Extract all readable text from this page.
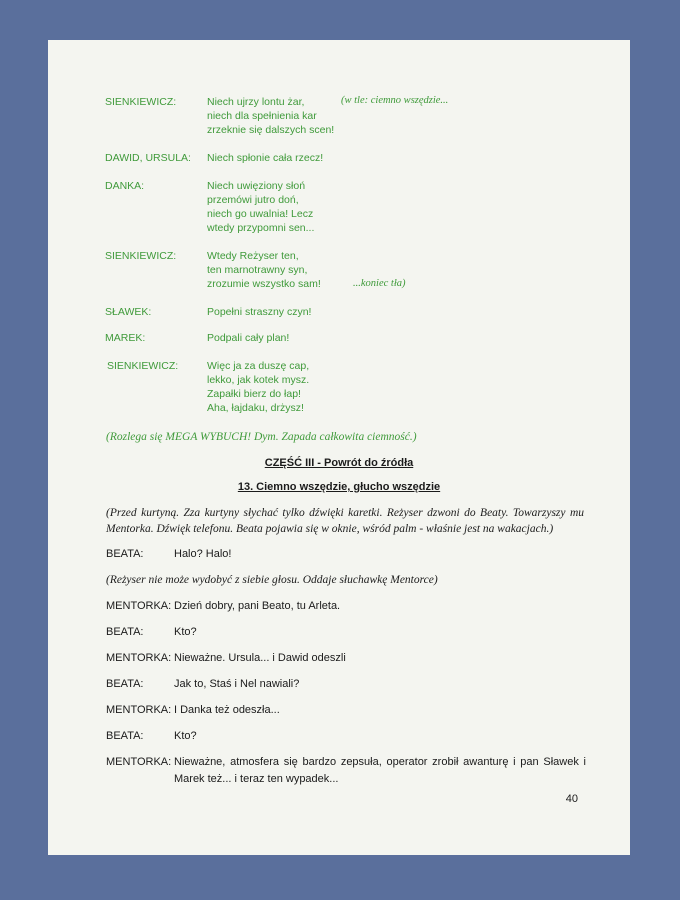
SIENKIEWICZ:	Niech ujrzy lontu żar,
niech dla spełnienia kar
zrzeknie się dalszych scen!
(w tle: ciemno wszędzie...
DAWID, URSULA: Niech spłonie cała rzecz!
DANKA:	Niech uwięziony słoń
przemówi jutro doń,
niech go uwalnia! Lecz
wtedy przypomni sen...
SIENKIEWICZ:	Wtedy Reżyser ten,
ten marnotrawny syn,
zrozumie wszystko sam!	...koniec tła)
SŁAWEK:	Popełni straszny czyn!
MAREK:	Podpali cały plan!
SIENKIEWICZ:	Więc ja za duszę cap,
lekko, jak kotek mysz.
Zapałki bierz do łap!
Aha, łajdaku, drżysz!
(Rozlega się MEGA WYBUCH! Dym. Zapada całkowita ciemność.)
CZĘŚĆ III - Powrót do źródła
13. Ciemno wszędzie, głucho wszędzie
(Przed kurtyną. Zza kurtyny słychać tylko dźwięki karetki. Reżyser dzwoni do Beaty. Towarzyszy mu Mentorka. Dźwięk telefonu. Beata pojawia się w oknie, wśród palm - właśnie jest na wakacjach.)
BEATA:	Halo? Halo!
(Reżyser nie może wydobyć z siebie głosu. Oddaje słuchawkę Mentorce)
MENTORKA: Dzień dobry, pani Beato, tu Arleta.
BEATA:	Kto?
MENTORKA: Nieważne. Ursula... i Dawid odeszli
BEATA:	Jak to, Staś i Nel nawiali?
MENTORKA: I Danka też odeszła...
BEATA:	Kto?
MENTORKA: Nieważne, atmosfera się bardzo zepsuła, operator zrobił awanturę i pan Sławek i Marek też... i teraz ten wypadek...
40
